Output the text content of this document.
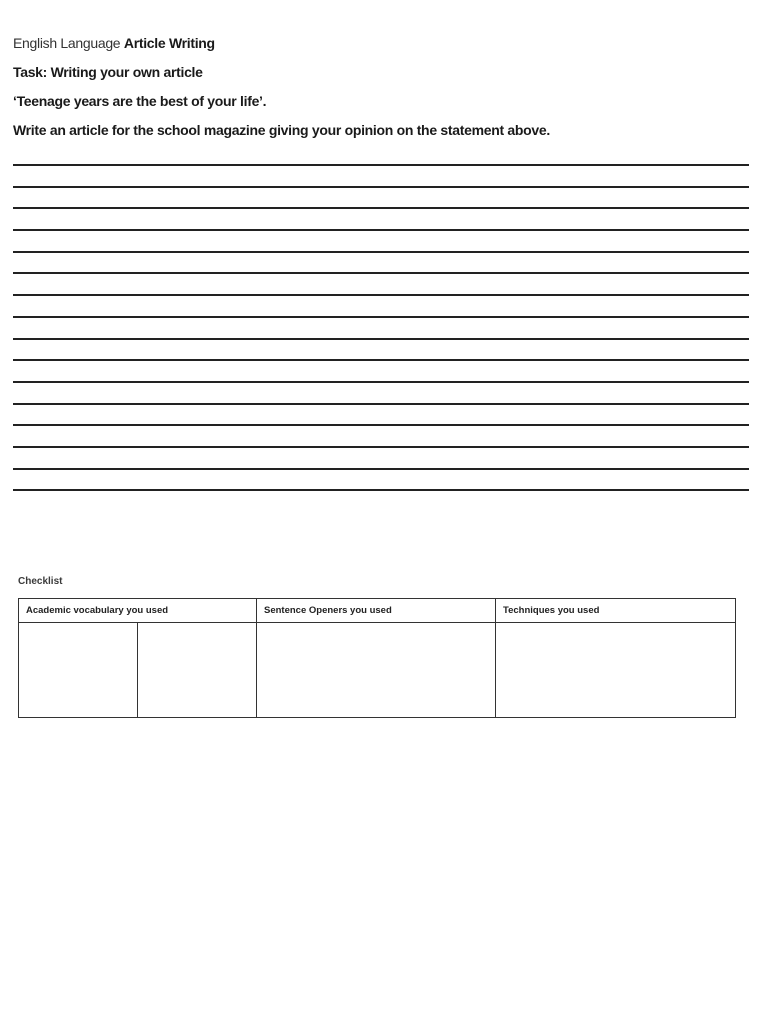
English Language Article Writing
Task: Writing your own article
‘Teenage years are the best of your life’.
Write an article for the school magazine giving your opinion on the statement above.
Checklist
Academic vocabulary you used		Sentence Openers you used	Techniques you used
